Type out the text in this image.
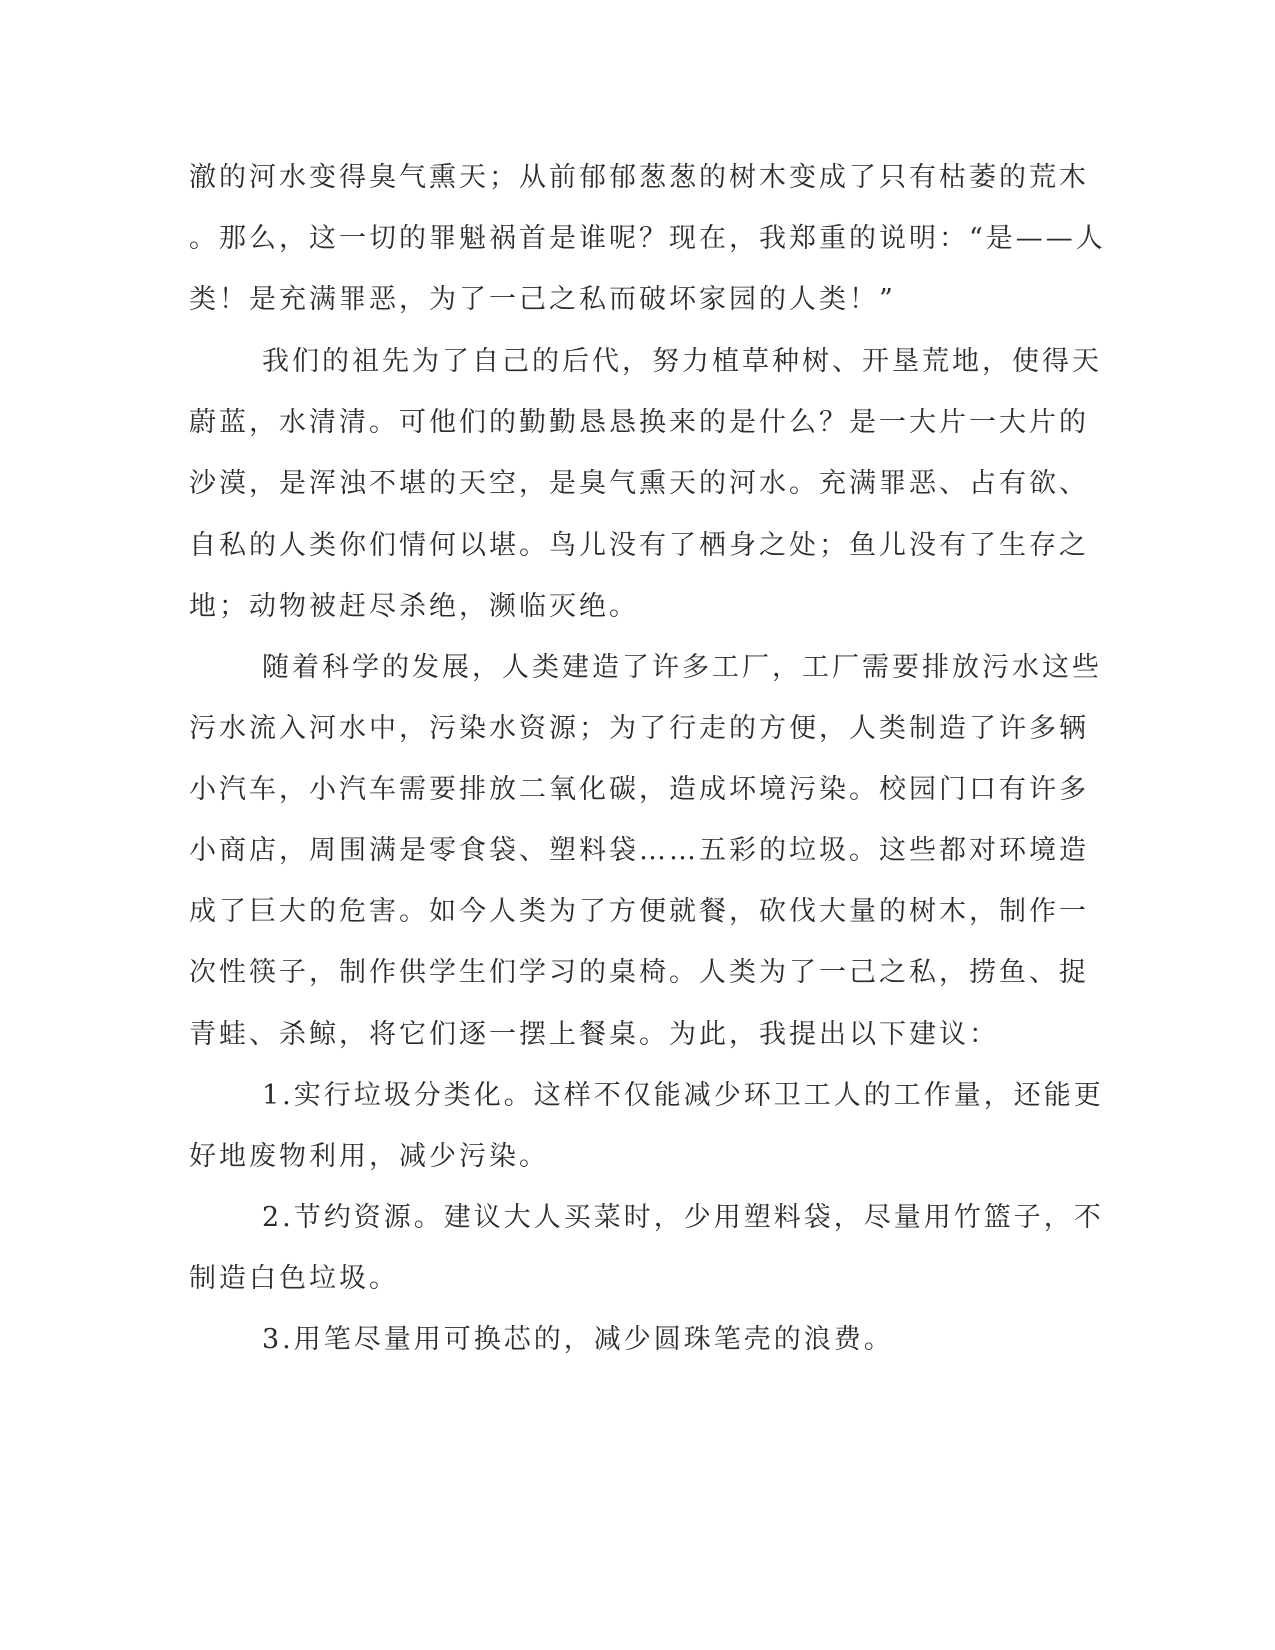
澈的河水变得臭气熏天；从前郁郁葱葱的树木变成了只有枯萎的荒木
。那么，这一切的罪魁祸首是谁呢？现在，我郑重的说明：“是——人
类！是充满罪恶，为了一己之私而破坏家园的人类！”
我们的祖先为了自己的后代，努力植草种树、开垦荒地，使得天
蔚蓝，水清清。可他们的勤勤恳恳换来的是什么？是一大片一大片的
沙漠，是浑浊不堪的天空，是臭气熏天的河水。充满罪恶、占有欲、
自私的人类你们情何以堪。鸟儿没有了栖身之处；鱼儿没有了生存之
地；动物被赶尽杀绝，濒临灭绝。
随着科学的发展，人类建造了许多工厂，工厂需要排放污水这些
污水流入河水中，污染水资源；为了行走的方便，人类制造了许多辆
小汽车，小汽车需要排放二氧化碳，造成坏境污染。校园门口有许多
小商店，周围满是零食袋、塑料袋……五彩的垃圾。这些都对环境造
成了巨大的危害。如今人类为了方便就餐，砍伐大量的树木，制作一
次性筷子，制作供学生们学习的桌椅。人类为了一己之私，捞鱼、捉
青蛙、杀鲸，将它们逐一摆上餐桌。为此，我提出以下建议：
1.实行垃圾分类化。这样不仅能减少环卫工人的工作量，还能更
好地废物利用，减少污染。
2.节约资源。建议大人买菜时，少用塑料袋，尽量用竹篮子，不
制造白色垃圾。
3.用笔尽量用可换芯的，减少圆珠笔壳的浪费。
